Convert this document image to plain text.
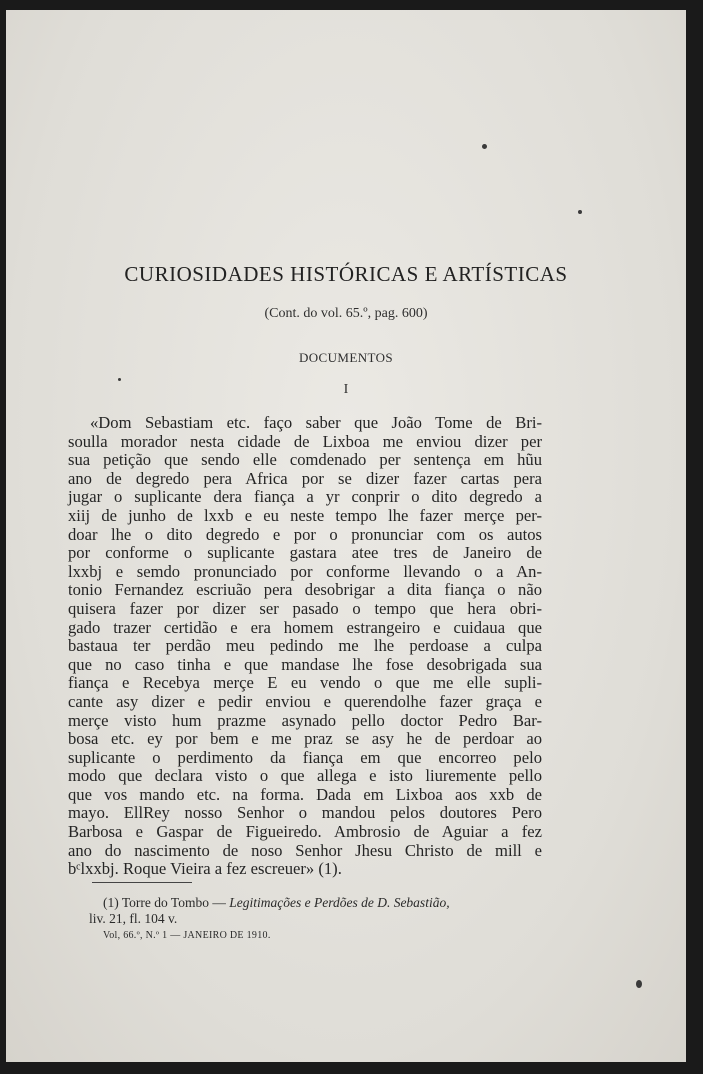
CURIOSIDADES HISTÓRICAS E ARTÍSTICAS
(Cont. do vol. 65.º, pag. 600)
DOCUMENTOS
I
«Dom Sebastiam etc. faço saber que João Tome de Bri-
soulla morador nesta cidade de Lixboa me enviou dizer per
sua petição que sendo elle comdenado per sentença em hũu
ano de degredo pera Africa por se dizer fazer cartas pera
jugar o suplicante dera fiança a yr conprir o dito degredo a
xiij de junho de lxxb e eu neste tempo lhe fazer merçe per-
doar lhe o dito degredo e por o pronunciar com os autos
por conforme o suplicante gastara atee tres de Janeiro de
lxxbj e semdo pronunciado por conforme llevando o a An-
tonio Fernandez escriuão pera desobrigar a dita fiança o não
quisera fazer por dizer ser pasado o tempo que hera obri-
gado trazer certidão e era homem estrangeiro e cuidaua que
bastaua ter perdão meu pedindo me lhe perdoase a culpa
que no caso tinha e que mandase lhe fose desobrigada sua
fiança e Recebya merçe E eu vendo o que me elle supli-
cante asy dizer e pedir enviou e querendolhe fazer graça e
merçe visto hum prazme asynado pello doctor Pedro Bar-
bosa etc. ey por bem e me praz se asy he de perdoar ao
suplicante o perdimento da fiança em que encorreo pelo
modo que declara visto o que allega e isto liuremente pello
que vos mando etc. na forma. Dada em Lixboa aos xxb de
mayo. EllRey nosso Senhor o mandou pelos doutores Pero
Barbosa e Gaspar de Figueiredo. Ambrosio de Aguiar a fez
ano do nascimento de noso Senhor Jhesu Christo de mill e
bᶜlxxbj. Roque Vieira a fez escreuer» (1).
(1) Torre do Tombo — Legitimações e Perdões de D. Sebastião,
liv. 21, fl. 104 v.
Vol, 66.º, N.º 1 — JANEIRO DE 1910.
